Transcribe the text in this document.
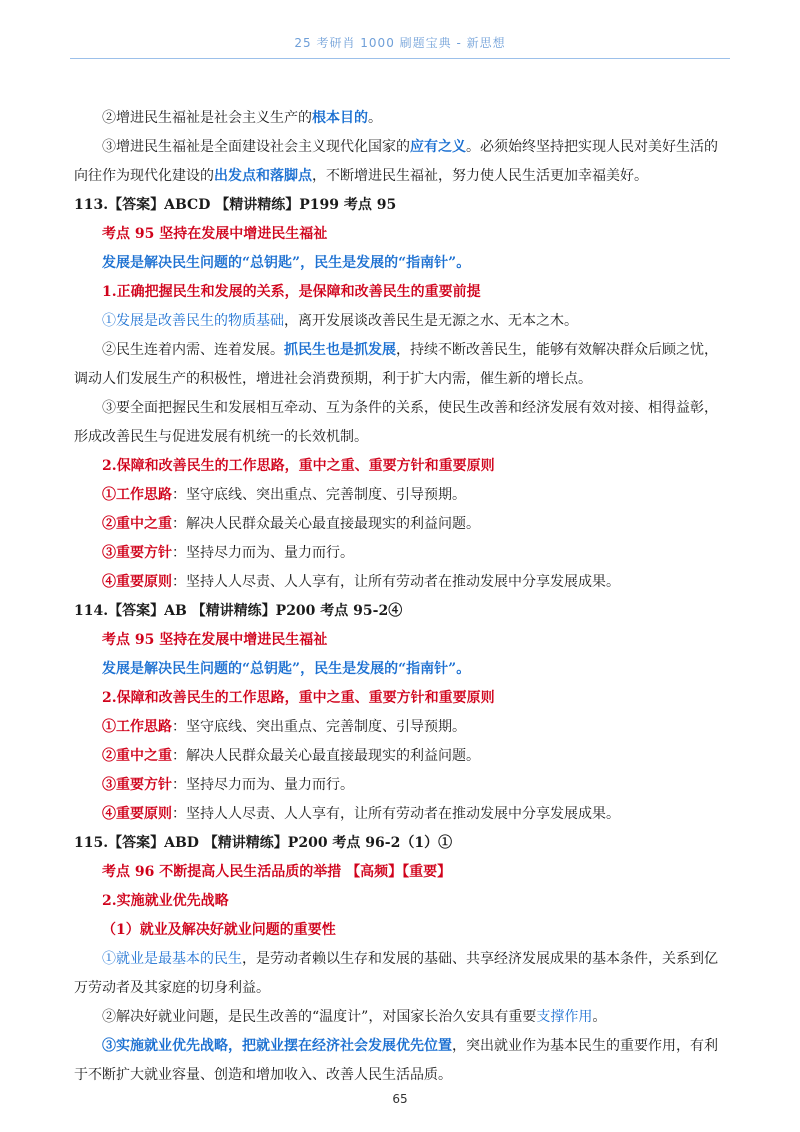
25 考研肖 1000 刷题宝典 - 新思想

②增进民生福祉是社会主义生产的根本目的。

③增进民生福祉是全面建设社会主义现代化国家的应有之义。必须始终坚持把实现人民对美好生活的

向往作为现代化建设的出发点和落脚点，不断增进民生福祉，努力使人民生活更加幸福美好。

113.【答案】ABCD 【精讲精练】P199 考点 95

考点 95 坚持在发展中增进民生福祉

发展是解决民生问题的“总钥匙”，民生是发展的“指南针”。

1.正确把握民生和发展的关系，是保障和改善民生的重要前提

①发展是改善民生的物质基础，离开发展谈改善民生是无源之水、无本之木。

②民生连着内需、连着发展。抓民生也是抓发展，持续不断改善民生，能够有效解决群众后顾之忧，

调动人们发展生产的积极性，增进社会消费预期，利于扩大内需，催生新的增长点。

③要全面把握民生和发展相互牵动、互为条件的关系，使民生改善和经济发展有效对接、相得益彰，

形成改善民生与促进发展有机统一的长效机制。

2.保障和改善民生的工作思路，重中之重、重要方针和重要原则

①工作思路：坚守底线、突出重点、完善制度、引导预期。

②重中之重：解决人民群众最关心最直接最现实的利益问题。

③重要方针：坚持尽力而为、量力而行。

④重要原则：坚持人人尽责、人人享有，让所有劳动者在推动发展中分享发展成果。

114.【答案】AB 【精讲精练】P200 考点 95-2④

考点 95 坚持在发展中增进民生福祉

发展是解决民生问题的“总钥匙”，民生是发展的“指南针”。

2.保障和改善民生的工作思路，重中之重、重要方针和重要原则

①工作思路：坚守底线、突出重点、完善制度、引导预期。

②重中之重：解决人民群众最关心最直接最现实的利益问题。

③重要方针：坚持尽力而为、量力而行。

④重要原则：坚持人人尽责、人人享有，让所有劳动者在推动发展中分享发展成果。

115.【答案】ABD 【精讲精练】P200 考点 96-2（1）①

考点 96 不断提高人民生活品质的举措 【高频】【重要】

2.实施就业优先战略

（1）就业及解决好就业问题的重要性

①就业是最基本的民生，是劳动者赖以生存和发展的基础、共享经济发展成果的基本条件，关系到亿

万劳动者及其家庭的切身利益。

②解决好就业问题，是民生改善的“温度计”，对国家长治久安具有重要支撑作用。

③实施就业优先战略，把就业摆在经济社会发展优先位置，突出就业作为基本民生的重要作用，有利

于不断扩大就业容量、创造和增加收入、改善人民生活品质。

65
